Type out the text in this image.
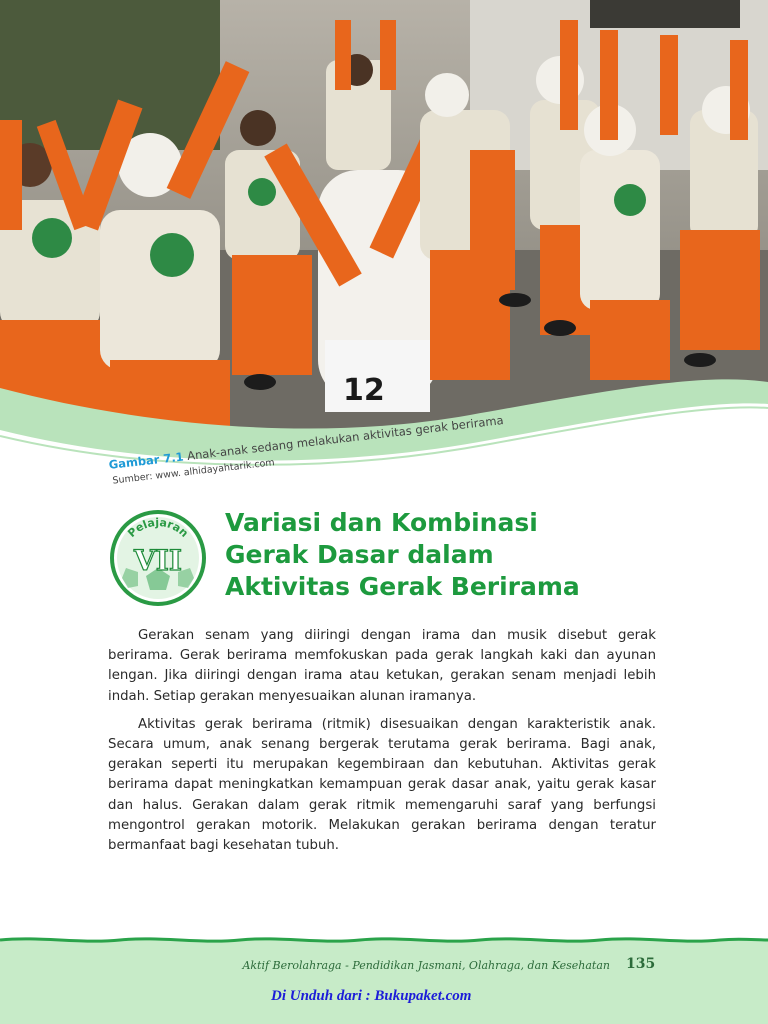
12
Gambar 7.1 Anak-anak sedang melakukan aktivitas gerak berirama
Sumber: www. alhidayahtarik.com
Pelajaran
VII
Variasi dan Kombinasi
Gerak Dasar dalam
Aktivitas Gerak Berirama

Gerakan senam yang diiringi dengan irama dan musik disebut gerak berirama. Gerak berirama memfokuskan pada gerak langkah kaki dan ayunan lengan. Jika diiringi dengan irama atau ketukan, gerakan senam menjadi lebih indah. Setiap gerakan menyesuaikan alunan iramanya.

Aktivitas gerak berirama (ritmik) disesuaikan dengan karakteristik anak. Secara umum, anak senang bergerak terutama gerak berirama. Bagi anak, gerakan seperti itu merupakan kegembiraan dan kebutuhan. Aktivitas gerak berirama dapat meningkatkan kemampuan gerak dasar anak, yaitu gerak kasar dan halus. Gerakan dalam gerak ritmik memengaruhi saraf yang berfungsi mengontrol gerakan motorik. Melakukan gerakan berirama dengan teratur bermanfaat bagi kesehatan tubuh.

Aktif Berolahraga - Pendidikan Jasmani, Olahraga, dan Kesehatan 135
Di Unduh dari : Bukupaket.com
